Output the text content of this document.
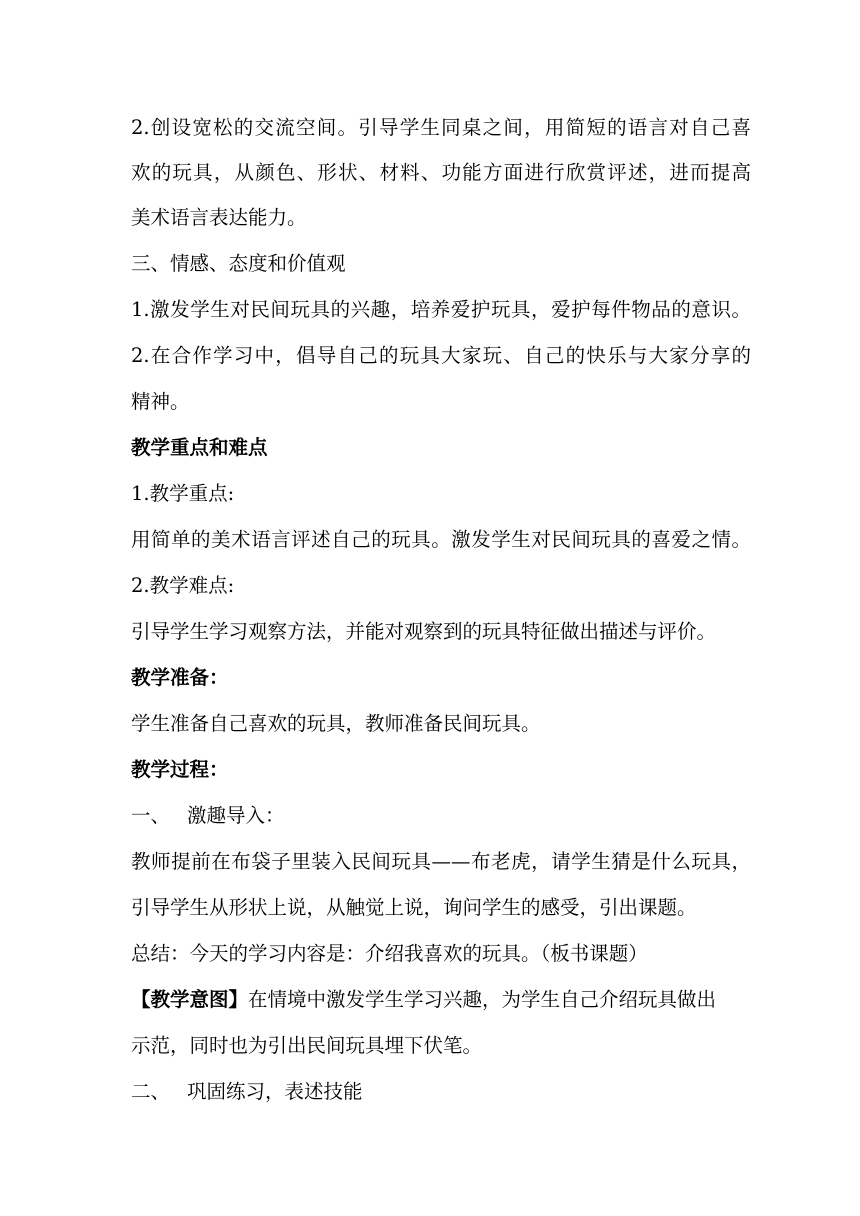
2.创设宽松的交流空间。引导学生同桌之间，用简短的语言对自己喜
欢的玩具，从颜色、形状、材料、功能方面进行欣赏评述，进而提高
美术语言表达能力。
三、情感、态度和价值观
1.激发学生对民间玩具的兴趣，培养爱护玩具，爱护每件物品的意识。
2.在合作学习中，倡导自己的玩具大家玩、自己的快乐与大家分享的
精神。
教学重点和难点
1.教学重点:
用简单的美术语言评述自己的玩具。激发学生对民间玩具的喜爱之情。
2.教学难点:
引导学生学习观察方法，并能对观察到的玩具特征做出描述与评价。
教学准备：
学生准备自己喜欢的玩具，教师准备民间玩具。
教学过程：
一、 激趣导入：
教师提前在布袋子里装入民间玩具——布老虎，请学生猜是什么玩具，
引导学生从形状上说，从触觉上说，询问学生的感受，引出课题。
总结：今天的学习内容是：介绍我喜欢的玩具。（板书课题）
【教学意图】在情境中激发学生学习兴趣，为学生自己介绍玩具做出
示范，同时也为引出民间玩具埋下伏笔。
二、 巩固练习，表述技能
